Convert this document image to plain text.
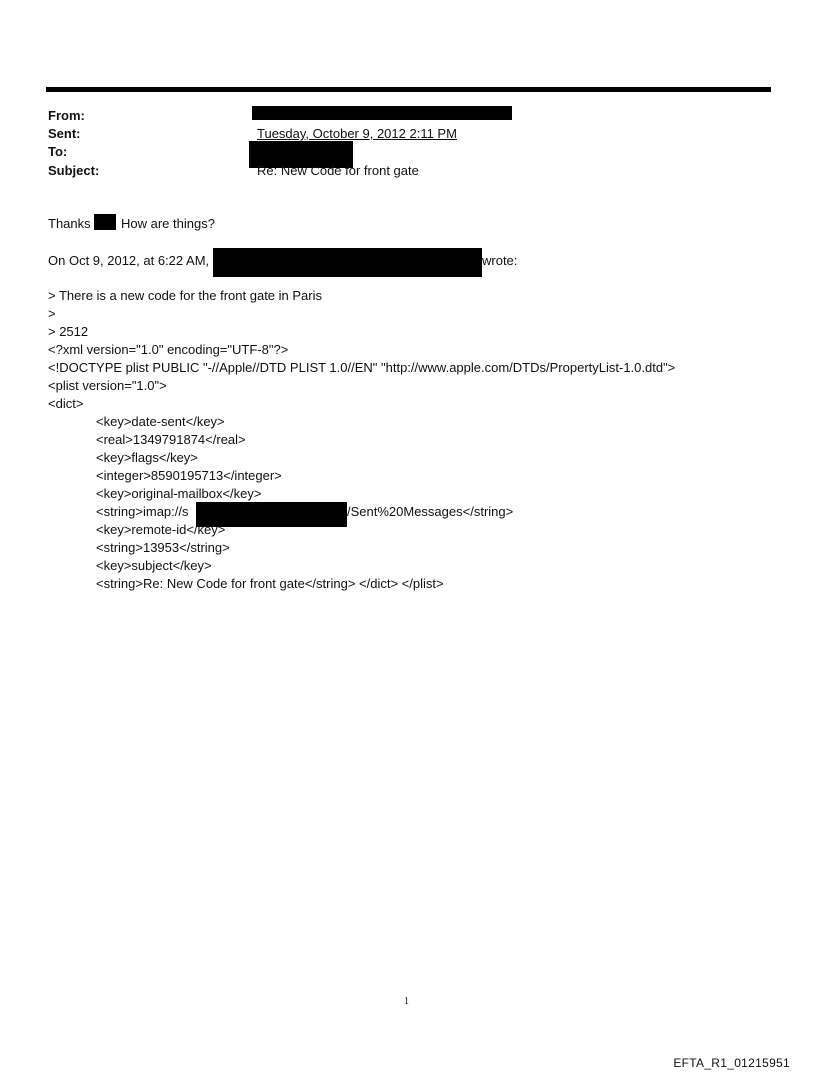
From:
Sent:	Tuesday, October 9, 2012 2:11 PM
To:
Subject:	Re: New Code for front gate
Thanks How are things?
On Oct 9, 2012, at 6:22 AM,	wrote:
> There is a new code for the front gate in Paris
>
> 2512
<?xml version="1.0" encoding="UTF-8"?>
<!DOCTYPE plist PUBLIC "-//Apple//DTD PLIST 1.0//EN" "http://www.apple.com/DTDs/PropertyList-1.0.dtd">
<plist version="1.0">
<dict>
<key>date-sent</key>
<real>1349791874</real>
<key>flags</key>
<integer>8590195713</integer>
<key>original-mailbox</key>
<string>imap://s	/Sent%20Messages</string>
<key>remote-id</key>
<string>13953</string>
<key>subject</key>
<string>Re: New Code for front gate</string> </dict> </plist>
1
EFTA_R1_01215951
